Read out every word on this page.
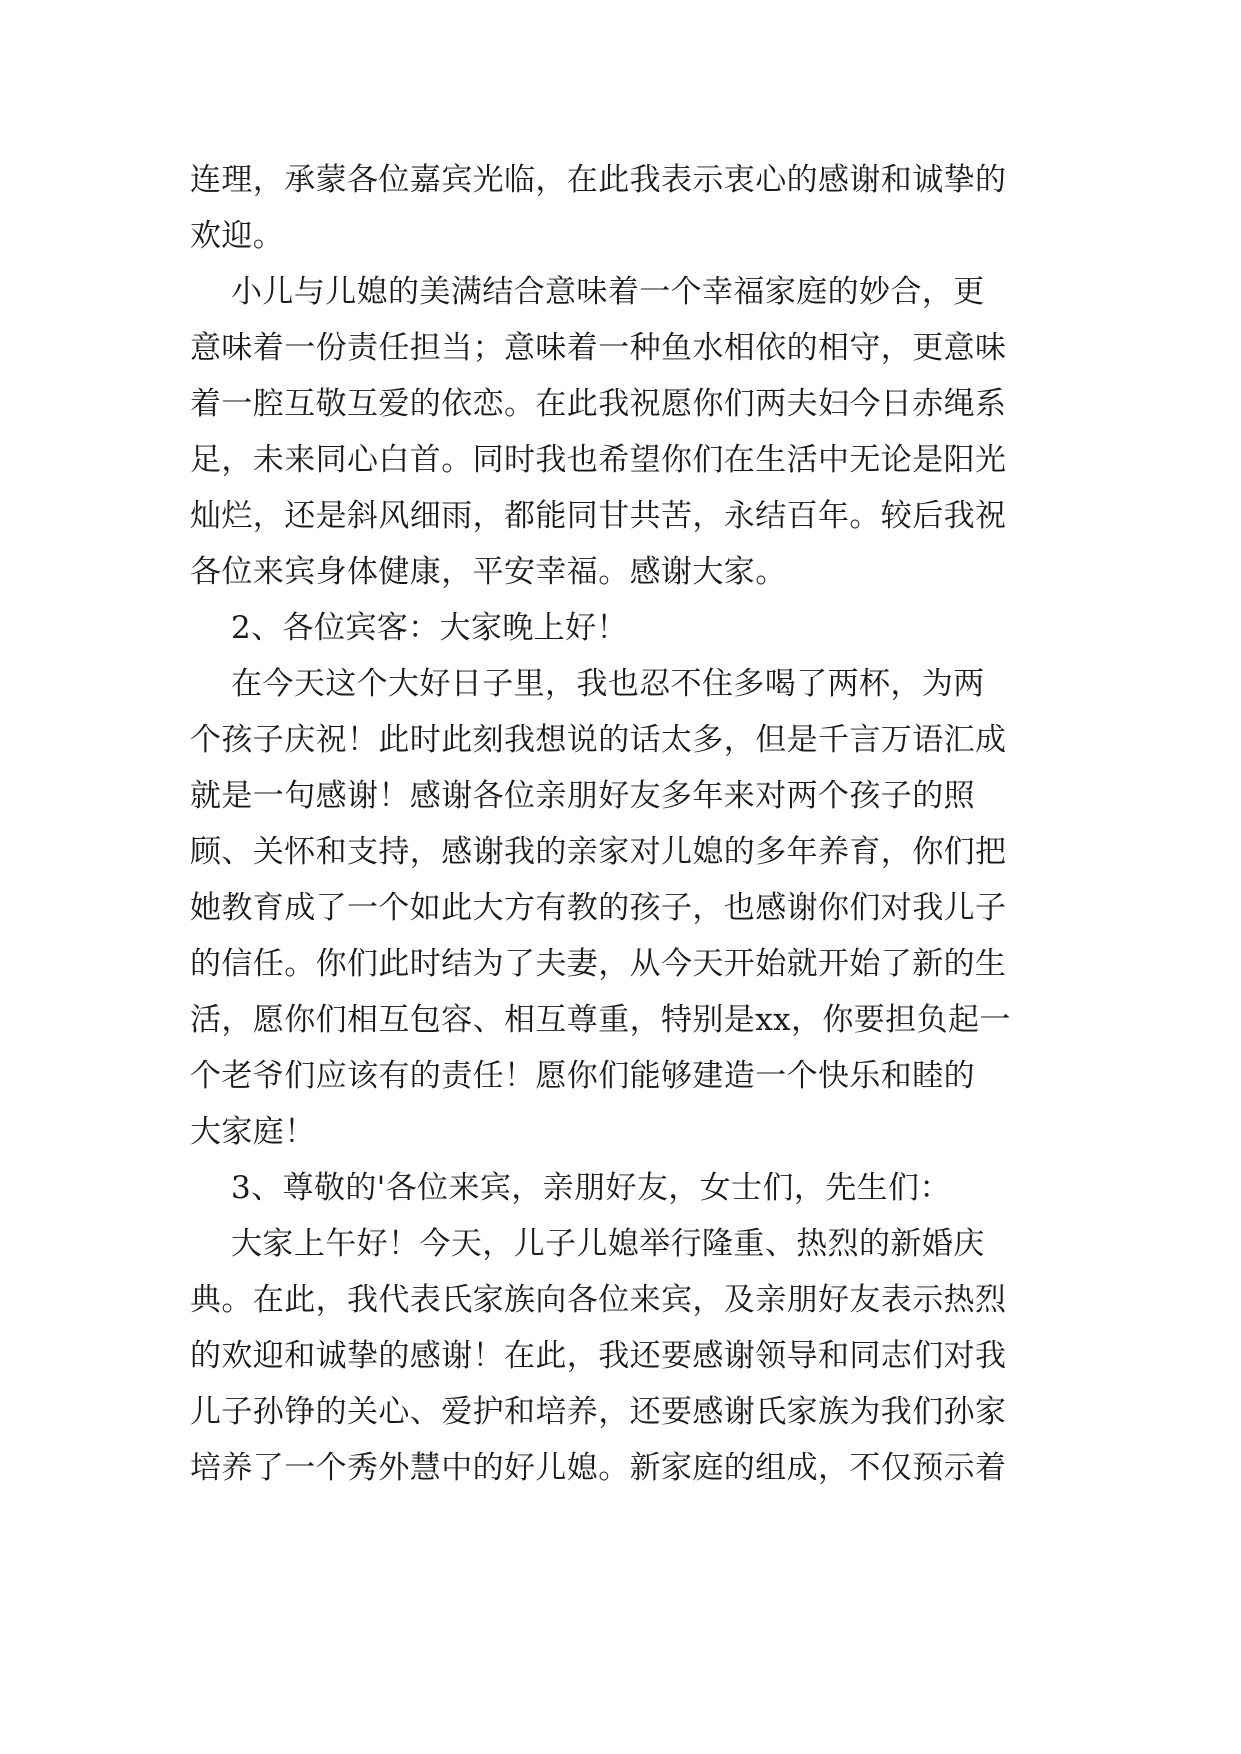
连理，承蒙各位嘉宾光临，在此我表示衷心的感谢和诚挚的
欢迎。
小儿与儿媳的美满结合意味着一个幸福家庭的妙合，更
意味着一份责任担当；意味着一种鱼水相依的相守，更意味
着一腔互敬互爱的依恋。在此我祝愿你们两夫妇今日赤绳系
足，未来同心白首。同时我也希望你们在生活中无论是阳光
灿烂，还是斜风细雨，都能同甘共苦，永结百年。较后我祝
各位来宾身体健康，平安幸福。感谢大家。
2、各位宾客：大家晚上好！
在今天这个大好日子里，我也忍不住多喝了两杯，为两
个孩子庆祝！此时此刻我想说的话太多，但是千言万语汇成
就是一句感谢！感谢各位亲朋好友多年来对两个孩子的照
顾、关怀和支持，感谢我的亲家对儿媳的多年养育，你们把
她教育成了一个如此大方有教的孩子，也感谢你们对我儿子
的信任。你们此时结为了夫妻，从今天开始就开始了新的生
活，愿你们相互包容、相互尊重，特别是xx，你要担负起一
个老爷们应该有的责任！愿你们能够建造一个快乐和睦的
大家庭！
3、尊敬的'各位来宾，亲朋好友，女士们，先生们：
大家上午好！今天，儿子儿媳举行隆重、热烈的新婚庆
典。在此，我代表氏家族向各位来宾，及亲朋好友表示热烈
的欢迎和诚挚的感谢！在此，我还要感谢领导和同志们对我
儿子孙铮的关心、爱护和培养，还要感谢氏家族为我们孙家
培养了一个秀外慧中的好儿媳。新家庭的组成，不仅预示着
